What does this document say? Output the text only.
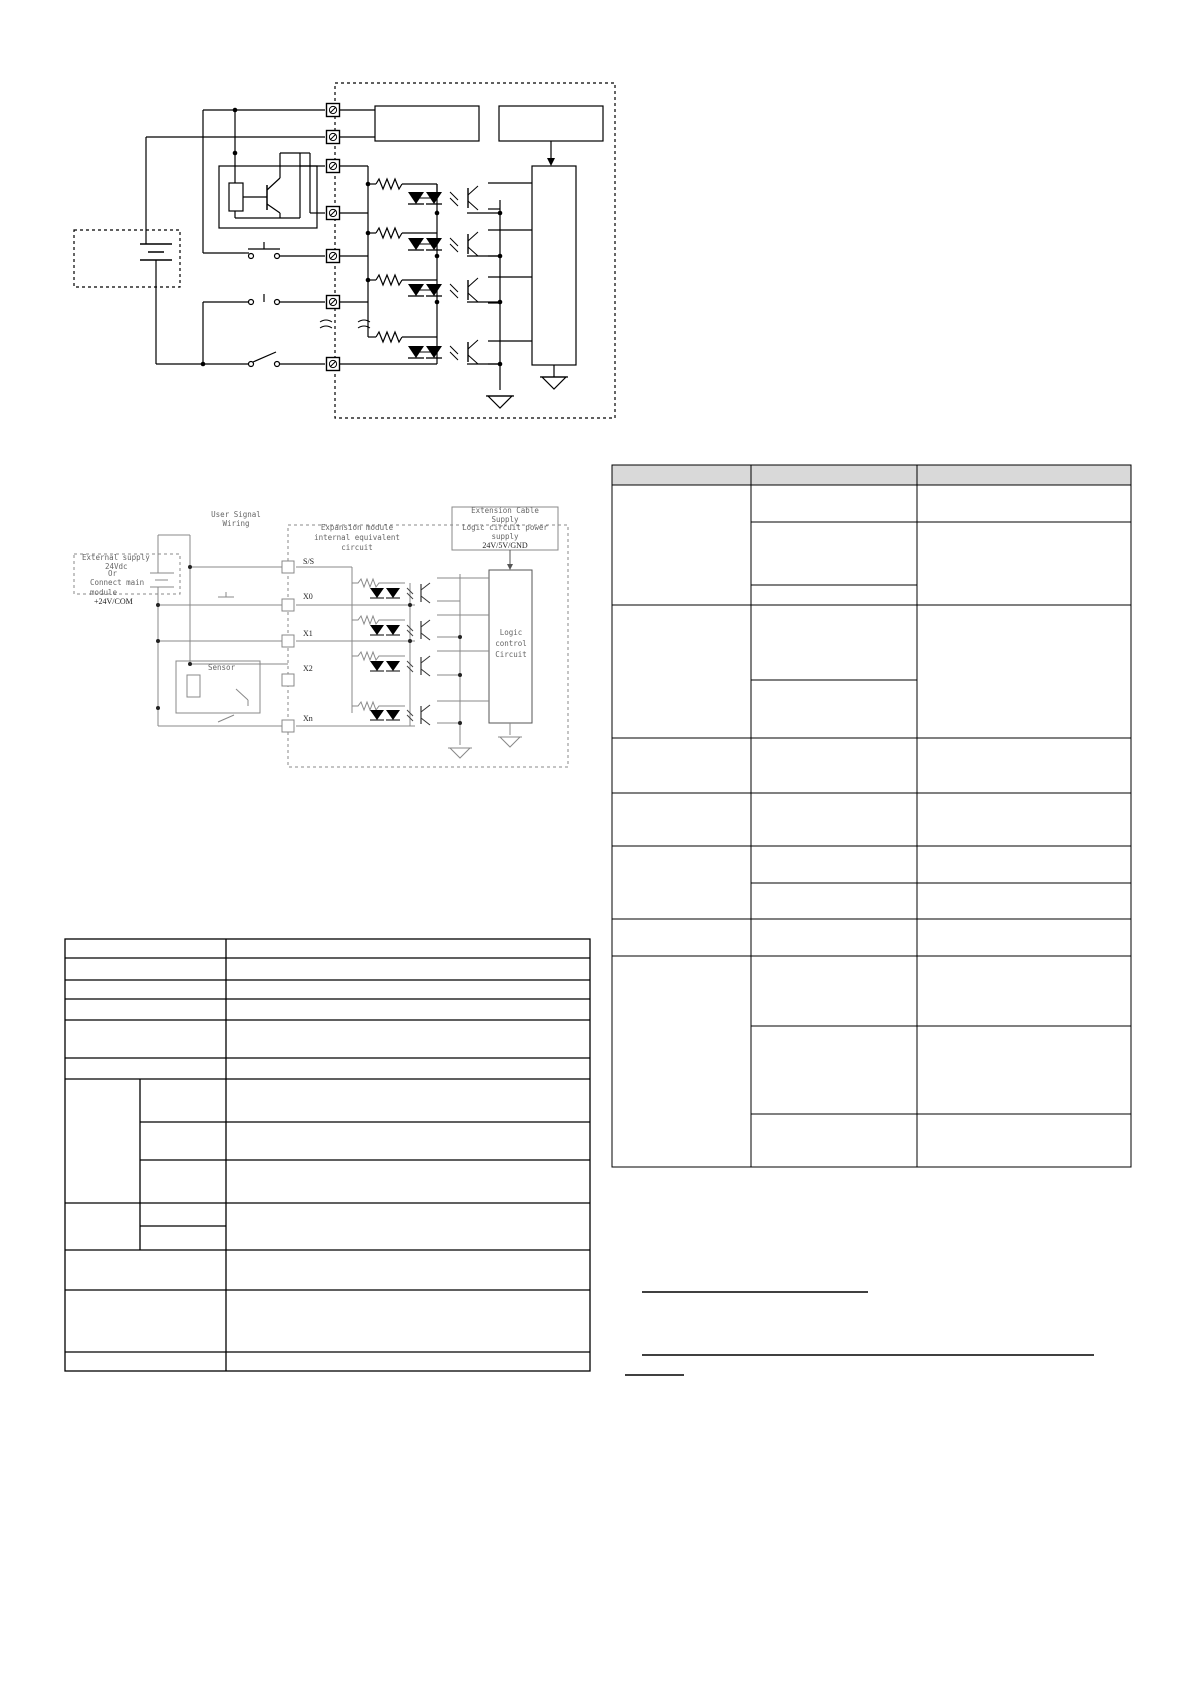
User Signal Wiring	Expansion module internal equivalent circuit
Extension Cable Supply
Logic circuit power supply
24V/5V/GND
External supply 24Vdc Or Connect main module
+24V/COM
Sensor
Logic control Circuit
S/S
X0
X1
X2
Xn
